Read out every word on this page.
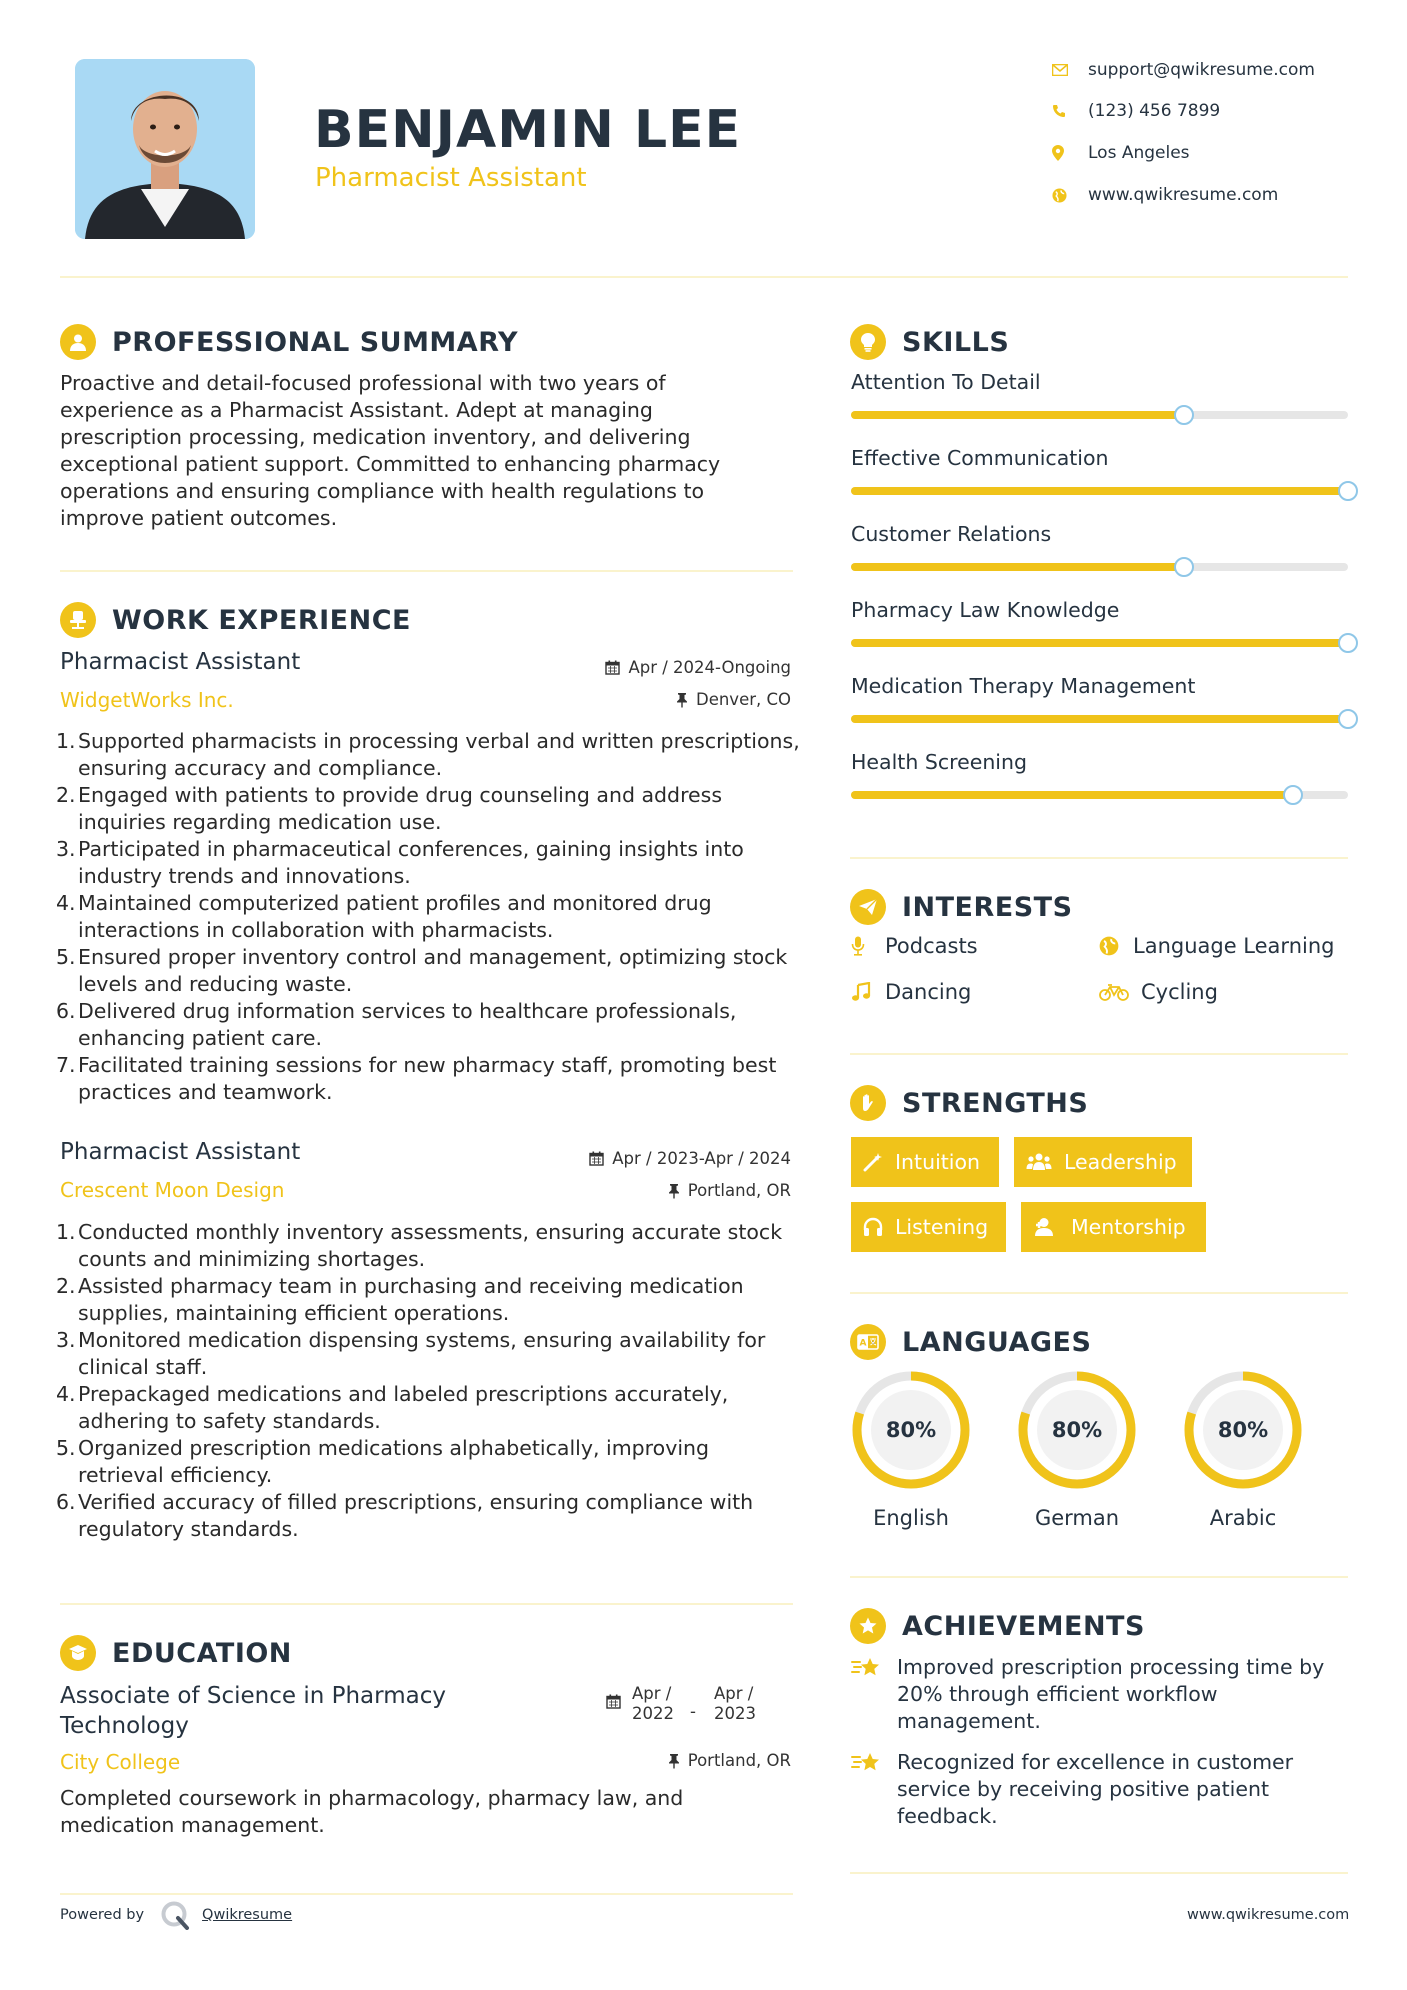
BENJAMIN LEE
Pharmacist Assistant
support@qwikresume.com
(123) 456 7899
Los Angeles
www.qwikresume.com
PROFESSIONAL SUMMARY
Proactive and detail-focused professional with two years of experience as a Pharmacist Assistant. Adept at managing prescription processing, medication inventory, and delivering exceptional patient support. Committed to enhancing pharmacy operations and ensuring compliance with health regulations to improve patient outcomes.
WORK EXPERIENCE
Pharmacist Assistant	Apr / 2024-Ongoing
WidgetWorks Inc.	Denver, CO
1. Supported pharmacists in processing verbal and written prescriptions, ensuring accuracy and compliance.
2. Engaged with patients to provide drug counseling and address inquiries regarding medication use.
3. Participated in pharmaceutical conferences, gaining insights into industry trends and innovations.
4. Maintained computerized patient profiles and monitored drug interactions in collaboration with pharmacists.
5. Ensured proper inventory control and management, optimizing stock levels and reducing waste.
6. Delivered drug information services to healthcare professionals, enhancing patient care.
7. Facilitated training sessions for new pharmacy staff, promoting best practices and teamwork.
Pharmacist Assistant	Apr / 2023-Apr / 2024
Crescent Moon Design	Portland, OR
1. Conducted monthly inventory assessments, ensuring accurate stock counts and minimizing shortages.
2. Assisted pharmacy team in purchasing and receiving medication supplies, maintaining efficient operations.
3. Monitored medication dispensing systems, ensuring availability for clinical staff.
4. Prepackaged medications and labeled prescriptions accurately, adhering to safety standards.
5. Organized prescription medications alphabetically, improving retrieval efficiency.
6. Verified accuracy of filled prescriptions, ensuring compliance with regulatory standards.
EDUCATION
Associate of Science in Pharmacy Technology
Apr / 2022 -
Apr / 2023
City College	Portland, OR
Completed coursework in pharmacology, pharmacy law, and medication management.
SKILLS
Attention To Detail
Effective Communication
Customer Relations
Pharmacy Law Knowledge
Medication Therapy Management
Health Screening
INTERESTS
Podcasts	Language Learning
Dancing	Cycling
STRENGTHS
Intuition	Leadership
Listening	Mentorship
A LANGUAGES
80%
English
80%
German
80%
Arabic
ACHIEVEMENTS
Improved prescription processing time by 20% through efficient workflow management.
Recognized for excellence in customer service by receiving positive patient feedback.
Powered by	Qwikresume	www.qwikresume.com
